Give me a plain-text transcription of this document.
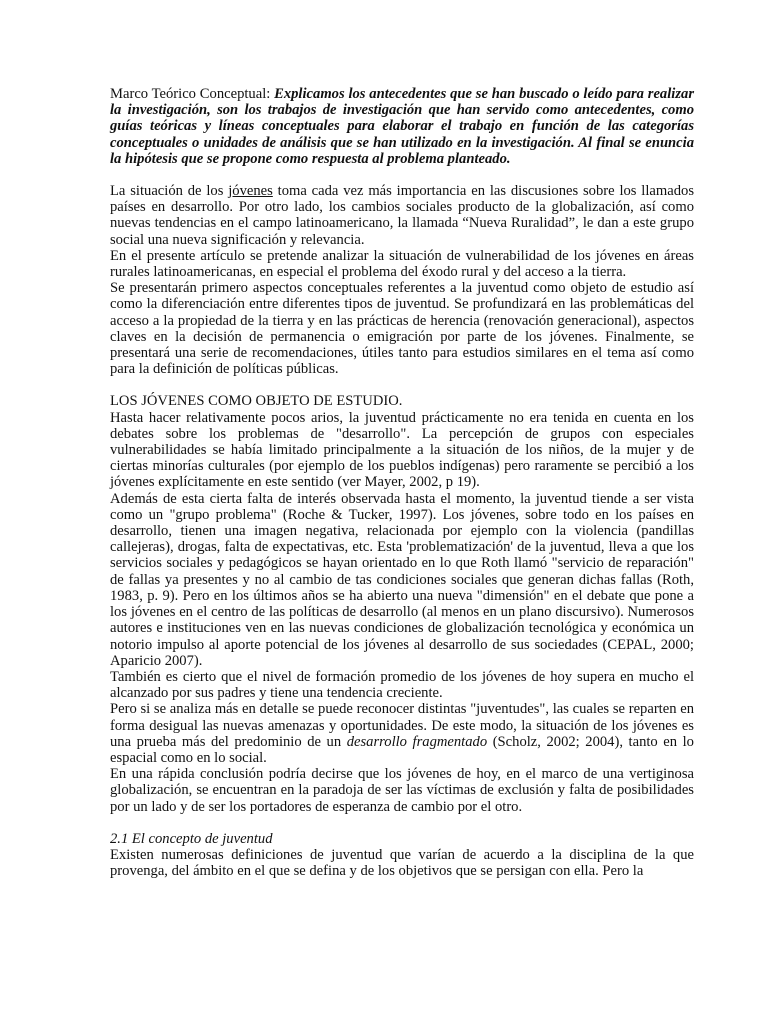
Marco Teórico Conceptual: Explicamos los antecedentes que se han buscado o leído para realizar la investigación, son los trabajos de investigación que han servido como antecedentes, como guías teóricas y líneas conceptuales para elaborar el trabajo en función de las categorías conceptuales o unidades de análisis que se han utilizado en la investigación. Al final se enuncia la hipótesis que se propone como respuesta al problema planteado.

La situación de los jóvenes toma cada vez más importancia en las discusiones sobre los llamados países en desarrollo. Por otro lado, los cambios sociales producto de la globalización, así como nuevas tendencias en el campo latinoamericano, la llamada “Nueva Ruralidad”, le dan a este grupo social una nueva significación y relevancia.

En el presente artículo se pretende analizar la situación de vulnerabilidad de los jóvenes en áreas rurales latinoamericanas, en especial el problema del éxodo rural y del acceso a la tierra.

Se presentarán primero aspectos conceptuales referentes a la juventud como objeto de estudio así como la diferenciación entre diferentes tipos de juventud. Se profundizará en las problemáticas del acceso a la propiedad de la tierra y en las prácticas de herencia (renovación generacional), aspectos claves en la decisión de permanencia o emigración por parte de los jóvenes. Finalmente, se presentará una serie de recomendaciones, útiles tanto para estudios similares en el tema así como para la definición de políticas públicas.

LOS JÓVENES COMO OBJETO DE ESTUDIO.

Hasta hacer relativamente pocos arios, la juventud prácticamente no era tenida en cuenta en los debates sobre los problemas de "desarrollo". La percepción de grupos con especiales vulnerabilidades se había limitado principalmente a la situación de los niños, de la mujer y de ciertas minorías culturales (por ejemplo de los pueblos indígenas) pero raramente se percibió a los jóvenes explícitamente en este sentido (ver Mayer, 2002, p 19).

Además de esta cierta falta de interés observada hasta el momento, la juventud tiende a ser vista como un "grupo problema" (Roche & Tucker, 1997). Los jóvenes, sobre todo en los países en desarrollo, tienen una imagen negativa, relacionada por ejemplo con la violencia (pandillas callejeras), drogas, falta de expectativas, etc. Esta 'problematización' de la juventud, lleva a que los servicios sociales y pedagógicos se hayan orientado en lo que Roth llamó "servicio de reparación" de fallas ya presentes y no al cambio de tas condiciones sociales que generan dichas fallas (Roth, 1983, p. 9). Pero en los últimos años se ha abierto una nueva "dimensión" en el debate que pone a los jóvenes en el centro de las políticas de desarrollo (al menos en un plano discursivo). Numerosos autores e instituciones ven en las nuevas condiciones de globalización tecnológica y económica un notorio impulso al aporte potencial de los jóvenes al desarrollo de sus sociedades (CEPAL, 2000; Aparicio 2007).

También es cierto que el nivel de formación promedio de los jóvenes de hoy supera en mucho el alcanzado por sus padres y tiene una tendencia creciente.

Pero si se analiza más en detalle se puede reconocer distintas "juventudes", las cuales se reparten en forma desigual las nuevas amenazas y oportunidades. De este modo, la situación de los jóvenes es una prueba más del predominio de un desarrollo fragmentado (Scholz, 2002; 2004), tanto en lo espacial como en lo social.

En una rápida conclusión podría decirse que los jóvenes de hoy, en el marco de una vertiginosa globalización, se encuentran en la paradoja de ser las víctimas de exclusión y falta de posibilidades por un lado y de ser los portadores de esperanza de cambio por el otro.

2.1 El concepto de juventud

Existen numerosas definiciones de juventud que varían de acuerdo a la disciplina de la que provenga, del ámbito en el que se defina y de los objetivos que se persigan con ella. Pero la
